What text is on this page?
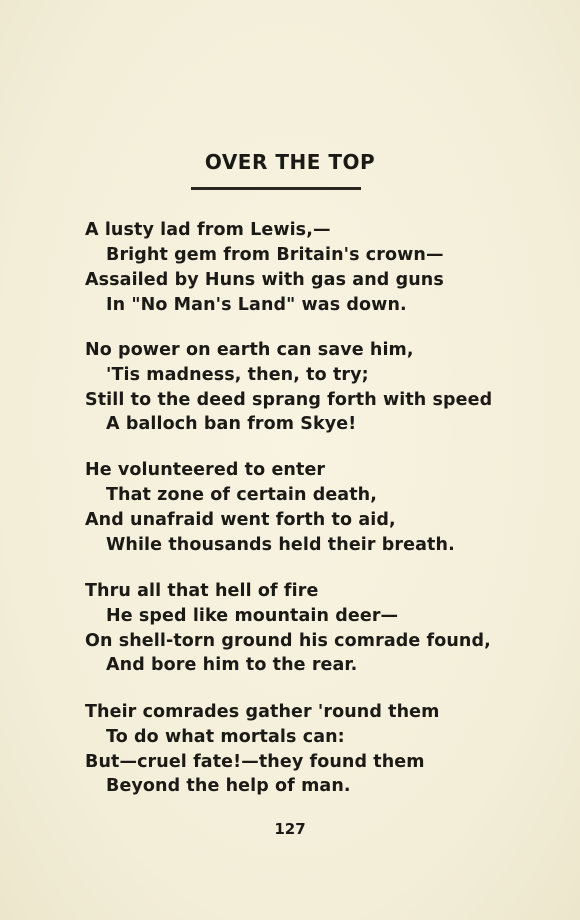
OVER THE TOP
A lusty lad from Lewis,—
Bright gem from Britain's crown—
Assailed by Huns with gas and guns
In "No Man's Land" was down.
No power on earth can save him,
'Tis madness, then, to try;
Still to the deed sprang forth with speed
A balloch ban from Skye!
He volunteered to enter
That zone of certain death,
And unafraid went forth to aid,
While thousands held their breath.
Thru all that hell of fire
He sped like mountain deer—
On shell-torn ground his comrade found,
And bore him to the rear.
Their comrades gather 'round them
To do what mortals can:
But—cruel fate!—they found them
Beyond the help of man.
127
